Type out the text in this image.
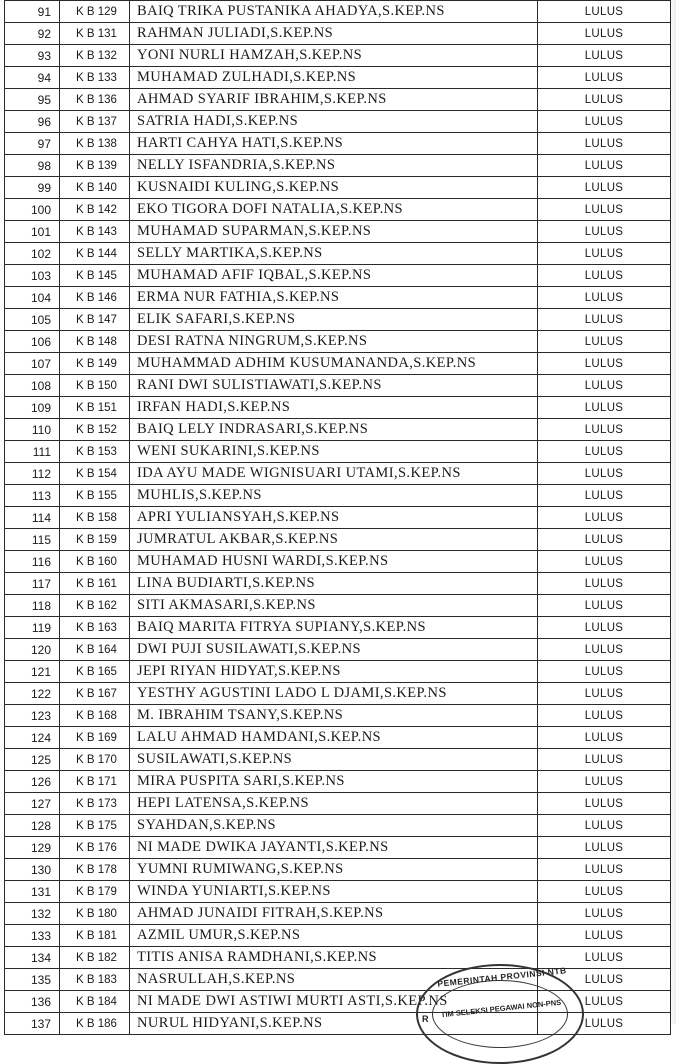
91	K B 129	BAIQ TRIKA PUSTANIKA AHADYA,S.KEP.NS	LULUS
92	K B 131	RAHMAN JULIADI,S.KEP.NS	LULUS
93	K B 132	YONI NURLI HAMZAH,S.KEP.NS	LULUS
94	K B 133	MUHAMAD ZULHADI,S.KEP.NS	LULUS
95	K B 136	AHMAD SYARIF IBRAHIM,S.KEP.NS	LULUS
96	K B 137	SATRIA HADI,S.KEP.NS	LULUS
97	K B 138	HARTI CAHYA HATI,S.KEP.NS	LULUS
98	K B 139	NELLY ISFANDRIA,S.KEP.NS	LULUS
99	K B 140	KUSNAIDI KULING,S.KEP.NS	LULUS
100	K B 142	EKO TIGORA DOFI NATALIA,S.KEP.NS	LULUS
101	K B 143	MUHAMAD SUPARMAN,S.KEP.NS	LULUS
102	K B 144	SELLY MARTIKA,S.KEP.NS	LULUS
103	K B 145	MUHAMAD AFIF IQBAL,S.KEP.NS	LULUS
104	K B 146	ERMA NUR FATHIA,S.KEP.NS	LULUS
105	K B 147	ELIK SAFARI,S.KEP.NS	LULUS
106	K B 148	DESI RATNA NINGRUM,S.KEP.NS	LULUS
107	K B 149	MUHAMMAD ADHIM KUSUMANANDA,S.KEP.NS	LULUS
108	K B 150	RANI DWI SULISTIAWATI,S.KEP.NS	LULUS
109	K B 151	IRFAN HADI,S.KEP.NS	LULUS
110	K B 152	BAIQ LELY INDRASARI,S.KEP.NS	LULUS
111	K B 153	WENI SUKARINI,S.KEP.NS	LULUS
112	K B 154	IDA AYU MADE WIGNISUARI UTAMI,S.KEP.NS	LULUS
113	K B 155	MUHLIS,S.KEP.NS	LULUS
114	K B 158	APRI YULIANSYAH,S.KEP.NS	LULUS
115	K B 159	JUMRATUL AKBAR,S.KEP.NS	LULUS
116	K B 160	MUHAMAD HUSNI WARDI,S.KEP.NS	LULUS
117	K B 161	LINA BUDIARTI,S.KEP.NS	LULUS
118	K B 162	SITI AKMASARI,S.KEP.NS	LULUS
119	K B 163	BAIQ MARITA FITRYA SUPIANY,S.KEP.NS	LULUS
120	K B 164	DWI PUJI SUSILAWATI,S.KEP.NS	LULUS
121	K B 165	JEPI RIYAN HIDYAT,S.KEP.NS	LULUS
122	K B 167	YESTHY AGUSTINI LADO L DJAMI,S.KEP.NS	LULUS
123	K B 168	M. IBRAHIM TSANY,S.KEP.NS	LULUS
124	K B 169	LALU AHMAD HAMDANI,S.KEP.NS	LULUS
125	K B 170	SUSILAWATI,S.KEP.NS	LULUS
126	K B 171	MIRA PUSPITA SARI,S.KEP.NS	LULUS
127	K B 173	HEPI LATENSA,S.KEP.NS	LULUS
128	K B 175	SYAHDAN,S.KEP.NS	LULUS
129	K B 176	NI MADE DWIKA JAYANTI,S.KEP.NS	LULUS
130	K B 178	YUMNI RUMIWANG,S.KEP.NS	LULUS
131	K B 179	WINDA YUNIARTI,S.KEP.NS	LULUS
132	K B 180	AHMAD JUNAIDI FITRAH,S.KEP.NS	LULUS
133	K B 181	AZMIL UMUR,S.KEP.NS	LULUS
134	K B 182	TITIS ANISA RAMDHANI,S.KEP.NS	LULUS
135	K B 183	NASRULLAH,S.KEP.NS	LULUS
136	K B 184	NI MADE DWI ASTIWI MURTI ASTI,S.KEP.NS	LULUS
137	K B 186	NURUL HIDYANI,S.KEP.NS	LULUS
PEMERINTAH PROVINSI NTB
TIM SELEKSI PEGAWAI NON-PNS
R
